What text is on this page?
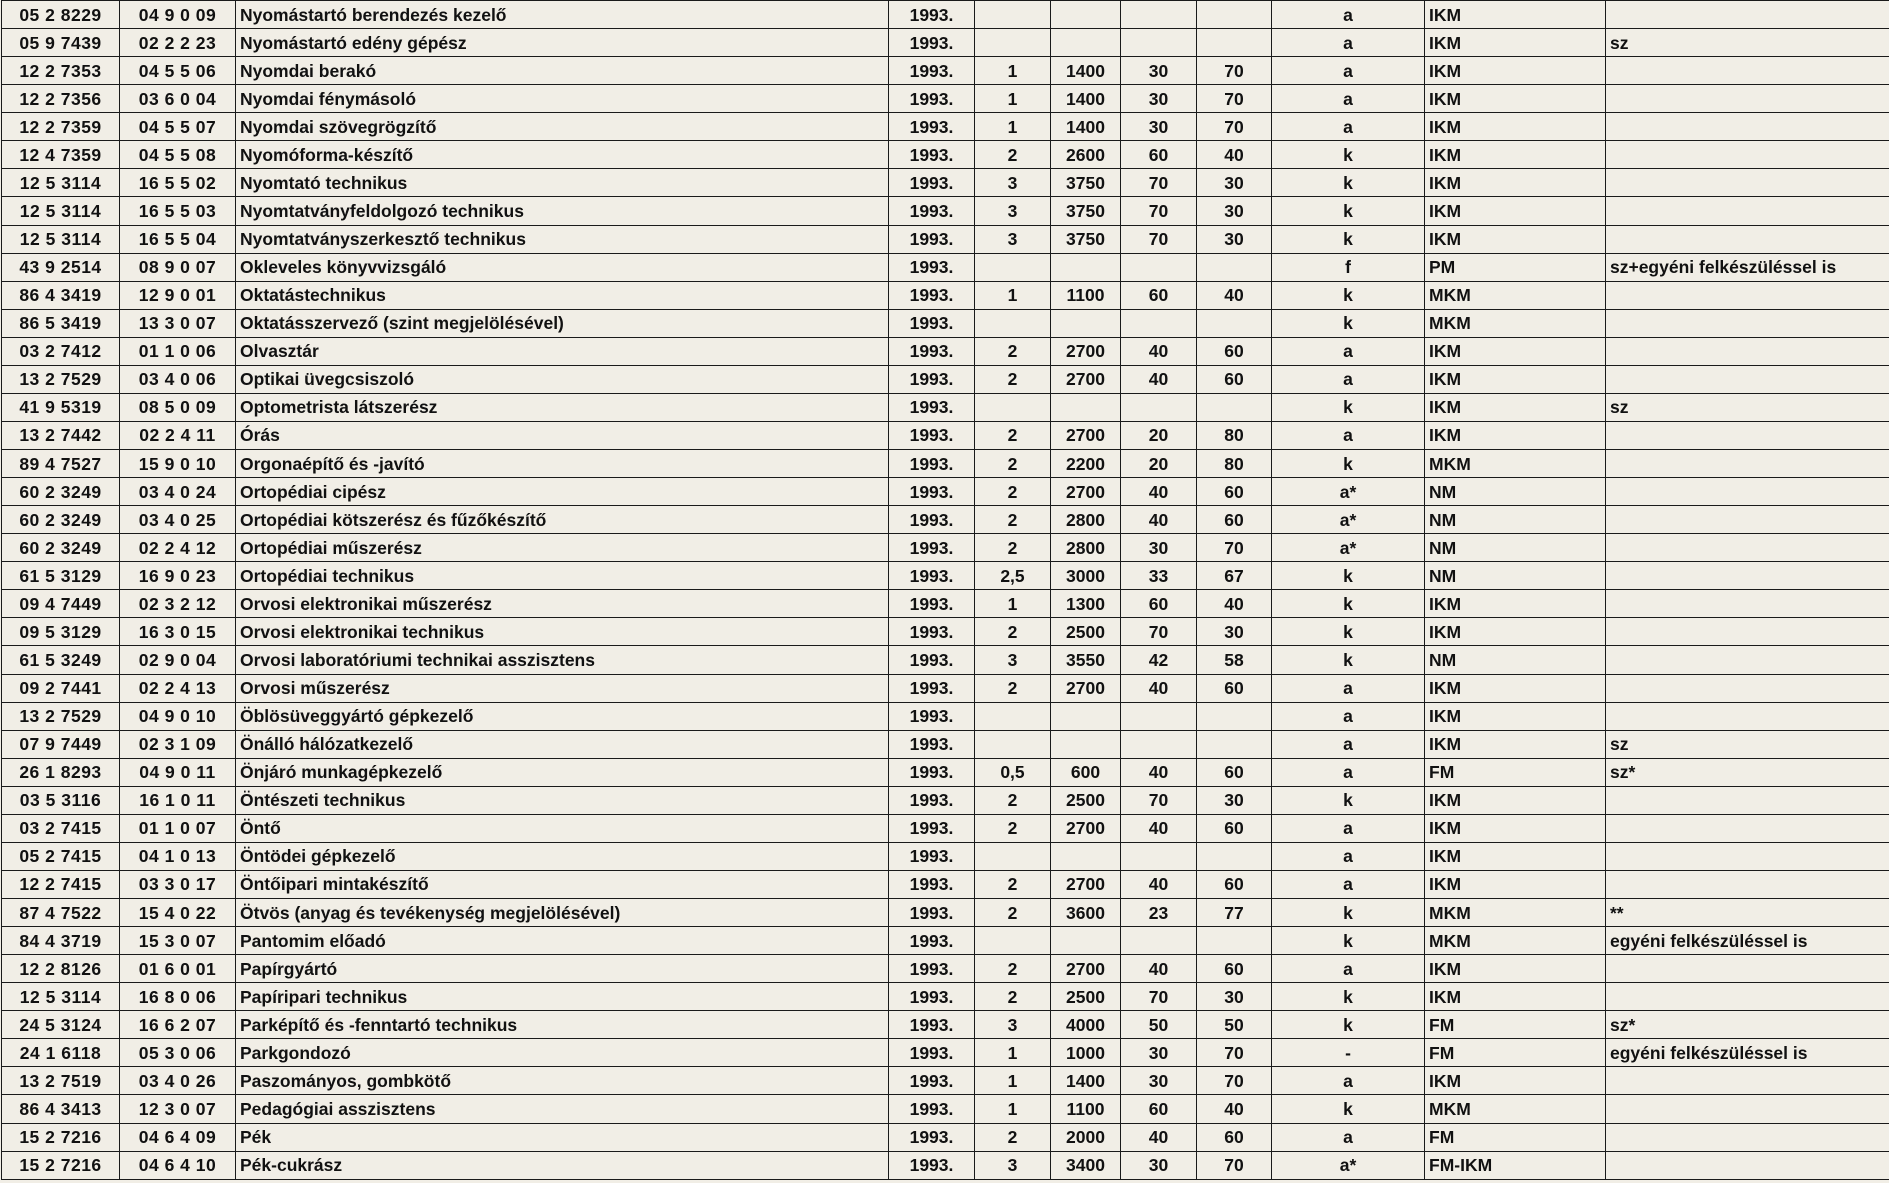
05 2 8229	04 9 0 09	Nyomástartó berendezés kezelő	1993.					a	IKM	
05 9 7439	02 2 2 23	Nyomástartó edény gépész	1993.					a	IKM	sz
12 2 7353	04 5 5 06	Nyomdai berakó	1993.	1	1400	30	70	a	IKM	
12 2 7356	03 6 0 04	Nyomdai fénymásoló	1993.	1	1400	30	70	a	IKM	
12 2 7359	04 5 5 07	Nyomdai szövegrögzítő	1993.	1	1400	30	70	a	IKM	
12 4 7359	04 5 5 08	Nyomóforma-készítő	1993.	2	2600	60	40	k	IKM	
12 5 3114	16 5 5 02	Nyomtató technikus	1993.	3	3750	70	30	k	IKM	
12 5 3114	16 5 5 03	Nyomtatványfeldolgozó technikus	1993.	3	3750	70	30	k	IKM	
12 5 3114	16 5 5 04	Nyomtatványszerkesztő technikus	1993.	3	3750	70	30	k	IKM	
43 9 2514	08 9 0 07	Okleveles könyvvizsgáló	1993.					f	PM	sz+egyéni felkészüléssel is
86 4 3419	12 9 0 01	Oktatástechnikus	1993.	1	1100	60	40	k	MKM	
86 5 3419	13 3 0 07	Oktatásszervező (szint megjelölésével)	1993.					k	MKM	
03 2 7412	01 1 0 06	Olvasztár	1993.	2	2700	40	60	a	IKM	
13 2 7529	03 4 0 06	Optikai üvegcsiszoló	1993.	2	2700	40	60	a	IKM	
41 9 5319	08 5 0 09	Optometrista látszerész	1993.					k	IKM	sz
13 2 7442	02 2 4 11	Órás	1993.	2	2700	20	80	a	IKM	
89 4 7527	15 9 0 10	Orgonaépítő és -javító	1993.	2	2200	20	80	k	MKM	
60 2 3249	03 4 0 24	Ortopédiai cipész	1993.	2	2700	40	60	a*	NM	
60 2 3249	03 4 0 25	Ortopédiai kötszerész és fűzőkészítő	1993.	2	2800	40	60	a*	NM	
60 2 3249	02 2 4 12	Ortopédiai műszerész	1993.	2	2800	30	70	a*	NM	
61 5 3129	16 9 0 23	Ortopédiai technikus	1993.	2,5	3000	33	67	k	NM	
09 4 7449	02 3 2 12	Orvosi elektronikai műszerész	1993.	1	1300	60	40	k	IKM	
09 5 3129	16 3 0 15	Orvosi elektronikai technikus	1993.	2	2500	70	30	k	IKM	
61 5 3249	02 9 0 04	Orvosi laboratóriumi technikai asszisztens	1993.	3	3550	42	58	k	NM	
09 2 7441	02 2 4 13	Orvosi műszerész	1993.	2	2700	40	60	a	IKM	
13 2 7529	04 9 0 10	Öblösüveggyártó gépkezelő	1993.					a	IKM	
07 9 7449	02 3 1 09	Önálló hálózatkezelő	1993.					a	IKM	sz
26 1 8293	04 9 0 11	Önjáró munkagépkezelő	1993.	0,5	600	40	60	a	FM	sz*
03 5 3116	16 1 0 11	Öntészeti technikus	1993.	2	2500	70	30	k	IKM	
03 2 7415	01 1 0 07	Öntő	1993.	2	2700	40	60	a	IKM	
05 2 7415	04 1 0 13	Öntödei gépkezelő	1993.					a	IKM	
12 2 7415	03 3 0 17	Öntőipari mintakészítő	1993.	2	2700	40	60	a	IKM	
87 4 7522	15 4 0 22	Ötvös (anyag és tevékenység megjelölésével)	1993.	2	3600	23	77	k	MKM	**
84 4 3719	15 3 0 07	Pantomim előadó	1993.					k	MKM	egyéni felkészüléssel is
12 2 8126	01 6 0 01	Papírgyártó	1993.	2	2700	40	60	a	IKM	
12 5 3114	16 8 0 06	Papíripari technikus	1993.	2	2500	70	30	k	IKM	
24 5 3124	16 6 2 07	Parképítő és -fenntartó technikus	1993.	3	4000	50	50	k	FM	sz*
24 1 6118	05 3 0 06	Parkgondozó	1993.	1	1000	30	70	-	FM	egyéni felkészüléssel is
13 2 7519	03 4 0 26	Paszományos, gombkötő	1993.	1	1400	30	70	a	IKM	
86 4 3413	12 3 0 07	Pedagógiai asszisztens	1993.	1	1100	60	40	k	MKM	
15 2 7216	04 6 4 09	Pék	1993.	2	2000	40	60	a	FM	
15 2 7216	04 6 4 10	Pék-cukrász	1993.	3	3400	30	70	a*	FM-IKM	
